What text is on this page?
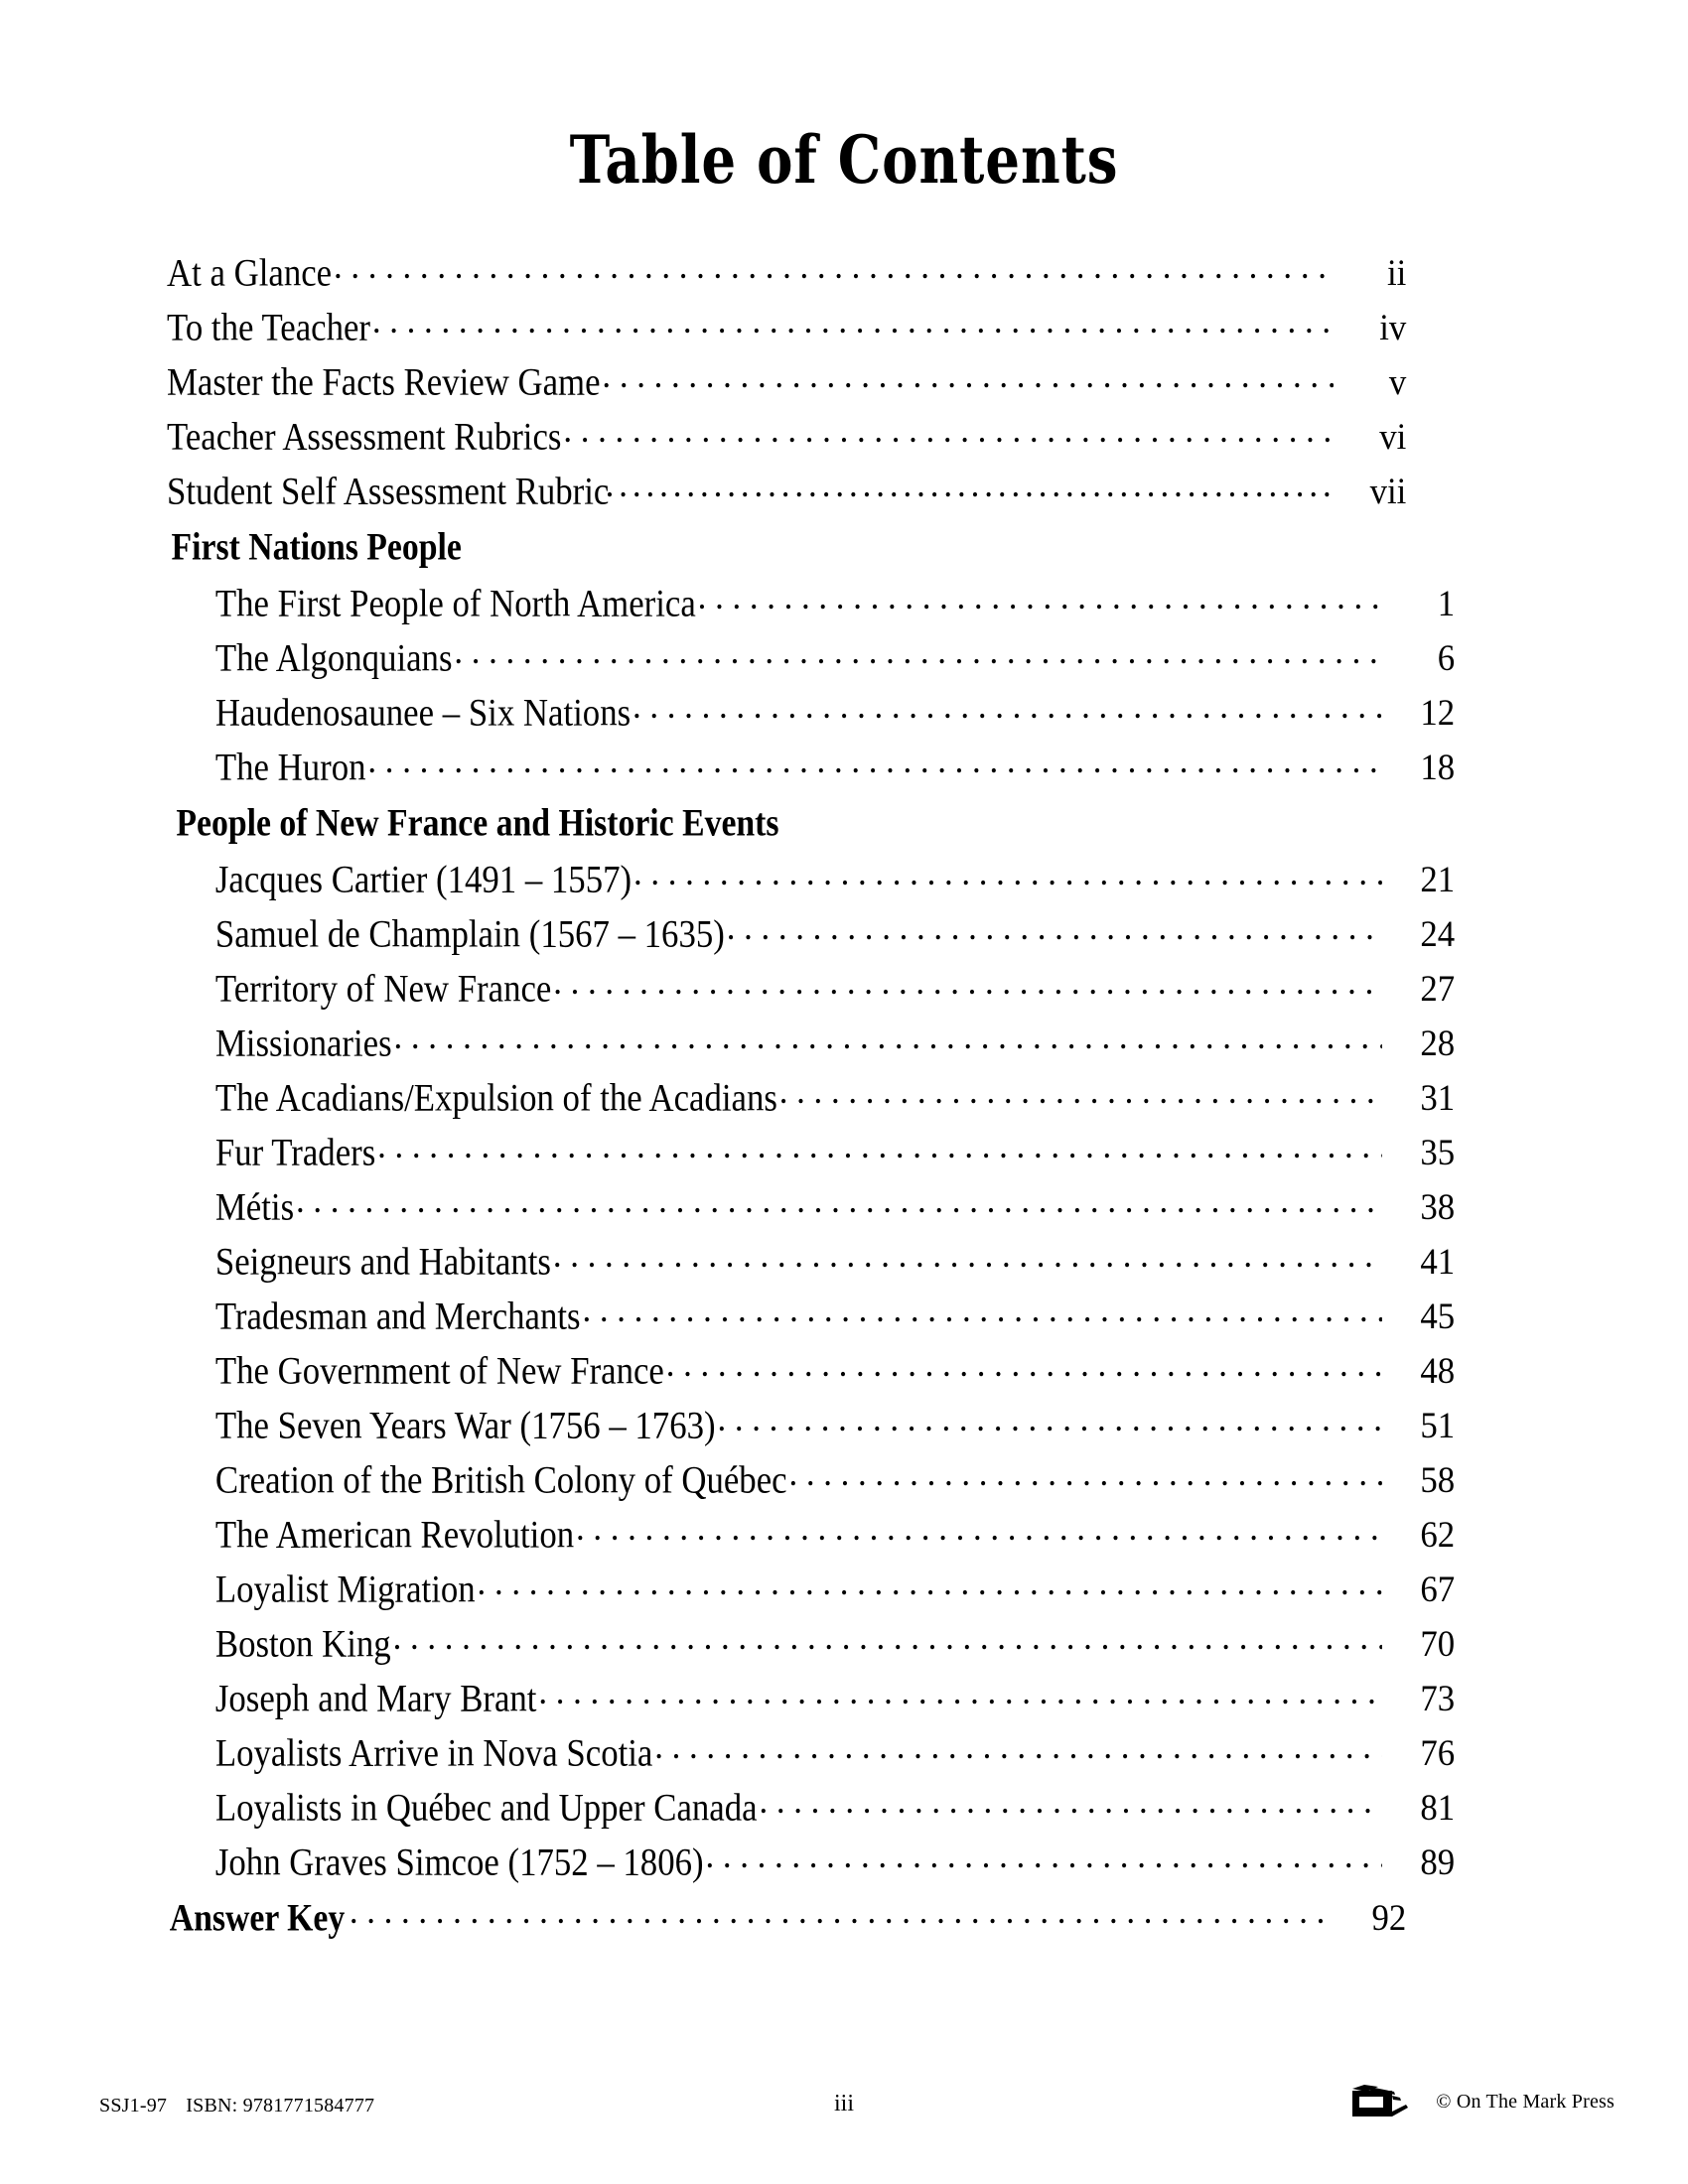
Table of Contents
At a Glance . . .	ii
To the Teacher . . .	iv
Master the Facts Review Game . . .	v
Teacher Assessment Rubrics . . .	vi
Student Self Assessment Rubric . . .	vii
First Nations People
The First People of North America . . .	1
The Algonquians . . .	6
Haudenosaunee – Six Nations . . .	12
The Huron . . .	18
People of New France and Historic Events
Jacques Cartier (1491 – 1557) . . .	21
Samuel de Champlain (1567 – 1635) . . .	24
Territory of New France . . .	27
Missionaries . . .	28
The Acadians/Expulsion of the Acadians . . .	31
Fur Traders . . .	35
Métis . . .	38
Seigneurs and Habitants . . .	41
Tradesman and Merchants . . .	45
The Government of New France . . .	48
The Seven Years War (1756 – 1763) . . .	51
Creation of the British Colony of Québec . . .	58
The American Revolution . . .	62
Loyalist Migration . . .	67
Boston King . . .	70
Joseph and Mary Brant . . .	73
Loyalists Arrive in Nova Scotia . . .	76
Loyalists in Québec and Upper Canada . . .	81
John Graves Simcoe (1752 – 1806) . . .	89
Answer Key . . .	92
SSJ1-97 ISBN: 9781771584777	iii	© On The Mark Press
